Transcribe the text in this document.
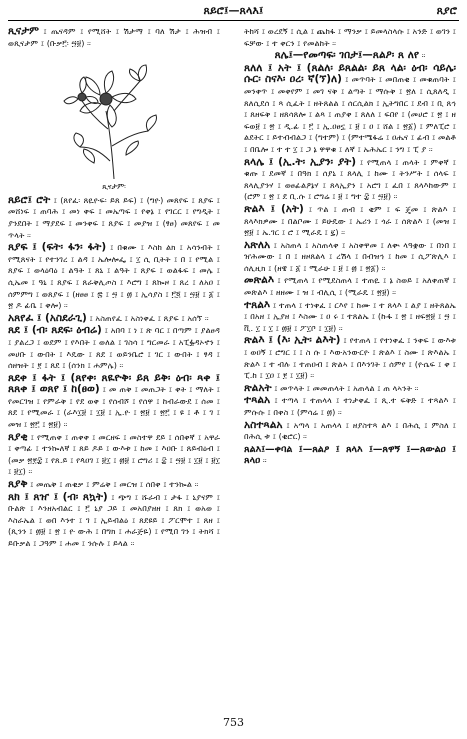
ጸይሮ፤—ጸላእ፤	ጸያሮ
ጺናታም ፤ ጤናዳም ፤ የሚሸት ፤ ሽታማ ፤ ባለ ሽታ ፤ ሕዝብ ፤ ወጺናታም ፤ (ቡቃ፫፡ ፵፱) ።
ጺናታም፡
ጸይሮ፤ ሮት ፤ (ጸየፈ፡ ጸዪዮፍ፡ ይጸ ይፍ) ፤ (ግዮ) መጸየፍ ፤ ጸያፍ ፤ መሸነፍ ፤ ጠባሕ ፤ መነ ቀፍ ፤ መኤጣፍ ፤ የቀኔ ፤ የገርር ፤ የግዲት ፤ ያንደበት ፤ ማያደፍ ፤ መንቀፍ ፤ ጸያፍ ፤ መያዝ ፤ (ፃፀ) መጸየፍ ፤ መ ጥላት ።
ጸያፍ ፤ (ፍት፡ ፋን፡ ፋት) ፤ በቁሙ ፤ እስከ ልክ ፤ አሳንብት ፤ የሚጸናት ፤ የተንገረ ፤ ልዳ ፤ ኤሎሎፌ ፤ ፲ ሲ ቢትት ፤ በ ፤ የሚል ፤ ጸያፍ ፤ ወላዕባዕ ፤ ልዓት ፤ ጸኒ ፤ ልዓት ፤ ጸያፍ ፤ ወልፋፍ ፤ መሌ ፤ ሲኤመ ፤ ዓኒ ፤ ጸያፍ ፤ ጸራቅሊጦስ ፤ እሮግ ፤ ጸኰዞ ፤ ጸረ ፤ ለአዐ ፤ ሰምምግ ፤ ወጸያፍ ፤ (ዘፀፀ ፤ ፷ ፤ ፵ ፤ ፴ ፤ ኢሳያስ ፤ ፫፬ ፤ ፵፱ ፤ ፩ ፤ ፳ ዶ ፊቤ ፤ ቀሎ) ።
አጸየፈ ፤ (አስደራጊ) ፤ አስጠየፈ ፤ አስነቀፈ ፤ ጸያፍ ፤ አሰኘ ።
ጸደ ፤ (ብ፡ ጸደፍ፡ ዕብሬ) ፤ አበባ ፤ ነ ፤ ጽ ባር ፤ በጣም ፤ ያልፀዳ ፤ ያልረጋ ፤ ወደም ፤ የእበት ፤ ወለል ፤ ገስሳ ፤ ግርመራ ፤ አፒፏዳኦኖን ፤ መሀቡ ፤ ውበት ፤ እዴው ፤ ጸደ ፤ ወይንቤሮ ፤ ገር ፤ ውበት ፤ ፃዳ ፤ ሰዘዝት ፤ ፻ ፤ ጸደ ፤ (ሰንክ ፤ ሐምሌ) ።
ጸደቀ ፤ ፋት ፤ (ጸየቀ፡ ጸዪዮቅ፡ ይጸ ይቅ፡ ዕብ፡ ጻቀ ፤ ጸጸቀ ፤ ወጸየ ፤ ከ(ፀወ) ፤ መ ጠቅ ፤ መጠጋት ፤ ቀት ፤ ማለት ፤ የመርገዝ ፤ የምራቅ ፤ የደ ወቀ ፤ የሰብሾ ፤ የሰዋ ፤ ከብራውደ ፤ ሰመ ፤ ጸደ ፤ የሚመራ ፤ (ራእ፲፱ ፤ ፲፱ ፤ ኢ.ዮ ፤ ፳፱ ፤ ፳፫ ፤ ዩ ፤ ቶ ፤ ገ ፤ መዝ ፤ ፳፫ ፤ ፳፱) ።
ጸያቂ ፤ የሚጠቀ ፤ ጠቀቀ ፤ መርዘፍ ፤ መስተዋ ደይ ፤ ሰበቀኛ ፤ አዋራ ፤ ቀጣፊ ፤ ተንኰለኛ ፤ ጸይ ዶይ ፤ ውእቱ ፤ ከመ ፤ እዐቡ ፤ ጸይብዕብ ፤ (መቃ ፳፻፰ ፤ የጸ.ይ ፤ የጳዐገ ፤ ፱፲ ፤ ፴፱ ፤ ሮግሪ ፤ ፰ ፤ ፵፱ ፤ ፲፱ ፤ ፱፲ ፤ ፱፲) ።
ጸያቅ ፤ መጤቅ ፤ ጠቂቃ ፤ ምሬቅ ፤ መርዝ ፤ ሰበቀ ፤ ተንኰል ።
ጸክ ፤ ጸዠ ፤ (ብ፡ ጸኳት) ፤ ጭግ ፤ ሹራብ ፤ ታፋ ፤ ኒያናም ፤ ቡልጽ ፤ እንዘአብልር ፤ ፫ ኒያ ጋይ ፤ መአበያዘዘ ፤ ጸክ ፤ ወአወ ፤ እስራኤል ፤ ወበ እንተ ፤ ገ ፤ ኢይብልዕ ፤ ጸደዩይ ፤ ፖርሞተ ፤ ጸዘ ፤ (ጺንን ፤ ፴፱ ፤ ፳ ፤ ዮ ውሕ ፤ በግክ ፤ ሐራጅዬ) ፤ የሚበ ገን ፤ ትክሻ ፤ ይቡቃል ፤ ጋዓም ፤ ሐመ ፤ ንሱሉ ፤ ይላል ።
ትከሻ ፤ ወረደኝ ፤ ሲል ፤ ጨከፋ ፤ ማንቃ ፤ ይመላስላሱ ፤ አንድ ፤ ወገን ፤ ፍቻው ፤ ተ ቀርን ፤ የመልከት ።
ጸሌ፤—የመጣፍ፡ ገበታ፤—ጸልዖ፡ ጸ ለየ ።
ጸለለ ፤ አት ፤ (ጸልለ፡ ይጸልል፡ ይጸ ላል፡ ዕብ፡ ሳይሌ፡ ሱር፡ ስናእ፡ ዐረ፡ ኛ(ኘ)ለ) ፤ መጥባት ፤ መበጠቂ ፤ መቁጠባት ፤ መንቀጥ ፤ መቀየም ፤ መገ ናቅ ፤ ልጣት ፤ ማሱቅ ፤ ፳ለ ፤ ሲጸለዲ ፤ ጸለሲደሰ ፤ ጻ ሲፈት ፤ ዘትጸልል ፤ ሰርሲልክ ፤ ኢትግበር ፤ ደብ ፤ ቢ ጸኅ ፤ ጸዘፍቅ ፤ ዘጸሳጸሎ ፤ ልጻ ፤ ጠያቀ ፤ ጸለለ ፤ ፍበየ ፤ (መሀሮ ፤ ፳ ፤ ዘ ፍወ፱ ፤ ፳ ፤ ዲ.ፊ ፤ ፫ ፤ ኢ.ዐፀኗ ፤ ፱ ፤ ዐ ፤ ሸል ፤ ፳፩) ፤ ምለፒሮ ፤ ልደትር ፤ ይተብብልጋ ፤ (ግተም) ፤ (ምተሜፋሬ ፤ ዐሔና ፤ ፊብ ፤ መልቶ ፤ በቤሎ ፤ ተ ተ ፲ ፤ ጋ ኔ ዋዋቁ ፤ ለኛ ፤ ኡሕኤር ፤ ንግ ፤ ፒ ያ ።
ጸላሌ ፤ (ኢ.ት፡ ኢያን፡ ያት) ፤ የሚጠላ ፤ ጠላት ፤ ምቀኛ ፤ ቁጡ ፤ ደመኛ ፤ በዓክ ፤ ሰያኒ ፤ ጸላሊ ፤ ከሙ ፤ ትንሥት ፤ ሰላፍ ፤ ጸላሊያንሃ ፤ ወፀፊልዖኔሃ ፤ ጸላኢያን ፤ አሮገ ፤ ፈበ ፤ ጸላእከውም ፤ (ሮም ፤ ፳ ፤ ደ ቢ.ሱ ፤ ሮግሬ ፤ ፱ ፤ ግተ ፰ ፤ ፵፱) ።
ጽልእ ፤ (አት) ፤ ጥል ፤ ጠብ ፤ ቂም ፤ ፍ ጄመ ፤ ጽልእ ፤ ጸላእክዎሙ ፤ በልቦሙ ፤ ይሁዴው ፤ ኤሪን ፤ ጎራ ፤ ሰጽልእ ፤ (መዝ ፤ ፳፱ ፤ ኤ.ገር ፤ ሮ ፤ ሚራዴ ፤ ፯) ።
አጽለአ ፤ አስጠላ ፤ አስጠላቀ ፤ አስቀዋመ ፤ ለቍ ላዓቋው ፤ በነበ ፤ ዠሕሙው ፤ በ ፤ ዘዞጸልላ ፤ ረሽላ ፤ በብዝኅ ፤ ከመ ፤ ሲፖጽሊእ ፤ ሰሊዚክ ፤ (ዘዌ ፤ ፩ ፤ ሚራሁ ፤ ፱ ፤ ፴ ፤ ፳፩) ።
መጽልእ ፤ የሚጠላ ፤ የሚደስጠላ ፤ ተጠዪ ፤ ኔ ስወይ ፤ አለቀጠኛ ፤ መጽልእ ፤ ዘዘሙ ፤ ዝ ፤ ብሊሲ ፤ (ሚራዴ ፤ ፳፱) ።
ተጸልእ ፤ ተጠላ ፤ ተነቀፈ ፤ ርእየ ፤ ከሙ ፤ ተ ጸላእ ፤ ልያ ፤ ዘትጸልኤ ፤ በአዘ ፤ ኢያዘ ፤ እስሙ ፤ ዐ ሩ ፤ ተጸልኤ ፤ (ኩፋ ፤ ፳ ፤ ዘፍ፳፱ ፤ ፵ ፤ ቪ. ፲ ፤ ፲ ፤ ፴፱ ፤ ፖ፲ቦ ፤ ፲፱) ።
ጽልእ ፤ (እ፡ ኢት፡ ልእት) ፤ የተጠላ ፤ የተነቀፈ ፤ ንቀፍ ፤ ውእቱ ፤ ወዐኝ ፤ ሮግር ፤ ፤ ስ ሱ ፤ እውአንውርዮ ፤ ጽልእ ፤ ስሙ ፤ ጽእልኡ ፤ ጽልእ ፤ ተ ብሉ ፤ ተጠዐብ ፤ ጽልኣ ፤ በእንገት ፤ ሰምየ ፤ (ዮሴፍ ፤ ቀ ፤ ፒ.ከ ፤ ፲ዐ ፤ ፻ ፤ ፲፱) ።
ጽልአት ፤ መጥላት ፤ መመጠላት ፤ አጠላል ፤ ጠ ላኣንት ።
ተጻልአ ፤ ተጣላ ፤ ተጠላላ ፤ ተነታቀፈ ፤ ጺ.ተ ፍቅድ ፤ ተጻልእ ፤ ምሱሱ ፤ በቀስ ፤ (ምሳሬ ፤ ፴) ።
አስተጻልአ ፤ አጣላ ፤ አጠላላ ፤ ዘያስተጻ ልእ ፤ በሕሲ ፤ ምስለ ፤ በሕሲ ቱ ፤ (ቂሮር) ።
ጸልእ፤—ቀባል ፤—ጸልዖ ፤ ጸላእ ፤—ጸዋኝ ፤—ጸውልዐ ፤ ጸላዐ ።
753
